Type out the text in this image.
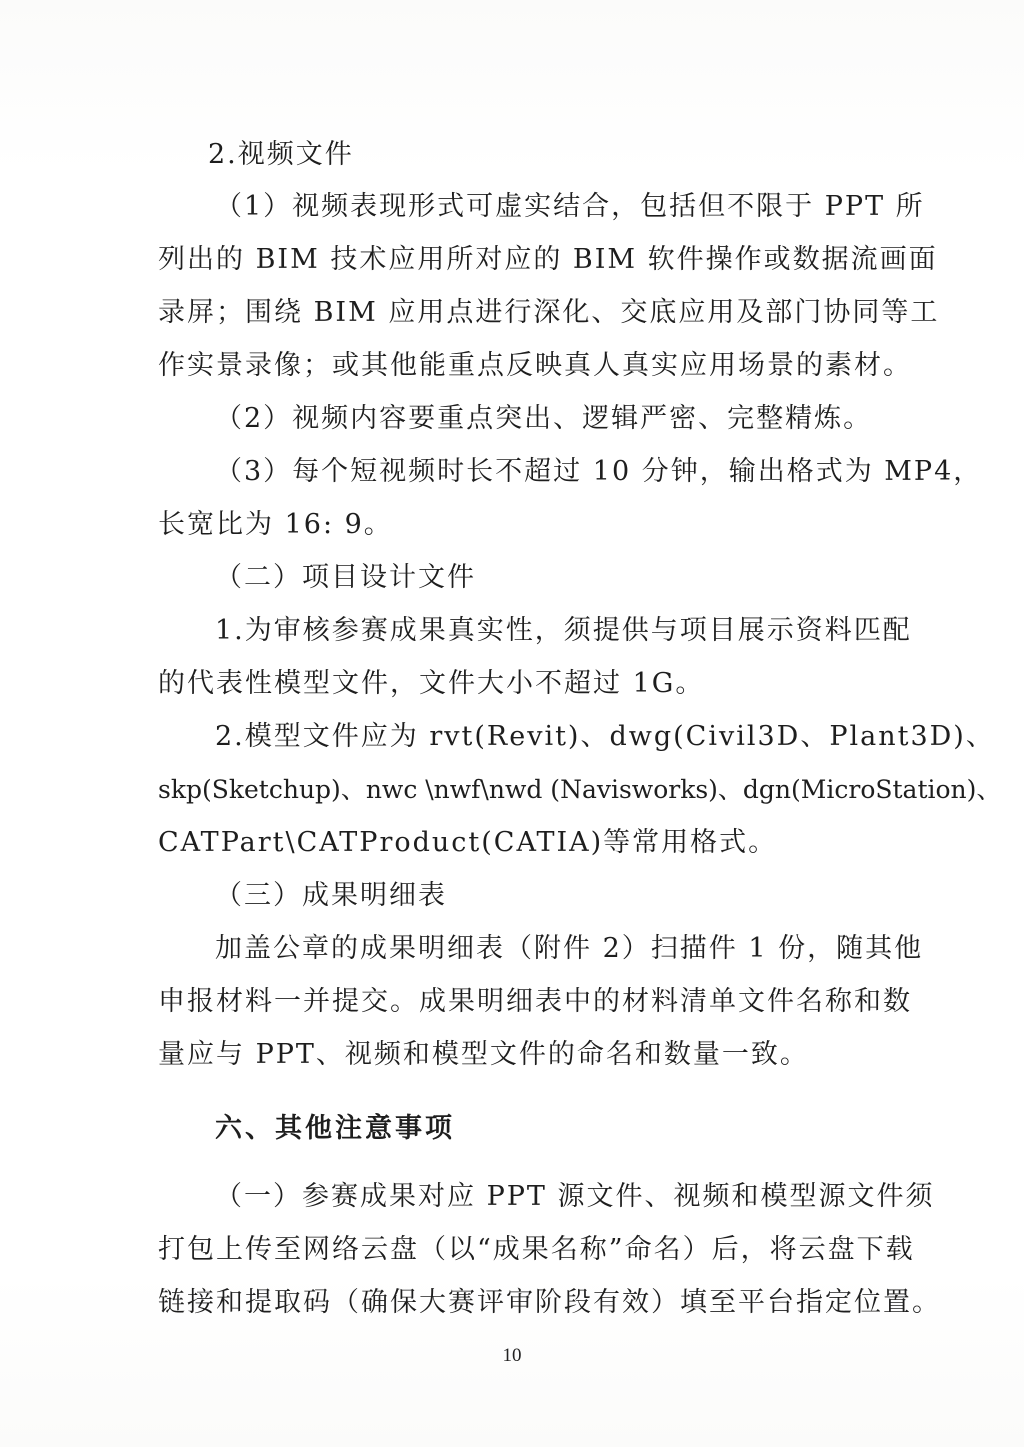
2.视频文件
（1）视频表现形式可虚实结合，包括但不限于 PPT 所
列出的 BIM 技术应用所对应的 BIM 软件操作或数据流画面
录屏；围绕 BIM 应用点进行深化、交底应用及部门协同等工
作实景录像；或其他能重点反映真人真实应用场景的素材。
（2）视频内容要重点突出、逻辑严密、完整精炼。
（3）每个短视频时长不超过 10 分钟，输出格式为 MP4，
长宽比为 16: 9。
（二）项目设计文件
1.为审核参赛成果真实性，须提供与项目展示资料匹配
的代表性模型文件，文件大小不超过 1G。
2.模型文件应为 rvt(Revit)、dwg(Civil3D、Plant3D)、
skp(Sketchup)、nwc \nwf\nwd (Navisworks)、dgn(MicroStation)、
CATPart\CATProduct(CATIA)等常用格式。
（三）成果明细表
加盖公章的成果明细表（附件 2）扫描件 1 份，随其他
申报材料一并提交。成果明细表中的材料清单文件名称和数
量应与 PPT、视频和模型文件的命名和数量一致。
六、其他注意事项
（一）参赛成果对应 PPT 源文件、视频和模型源文件须
打包上传至网络云盘（以“成果名称”命名）后，将云盘下载
链接和提取码（确保大赛评审阶段有效）填至平台指定位置。
10
